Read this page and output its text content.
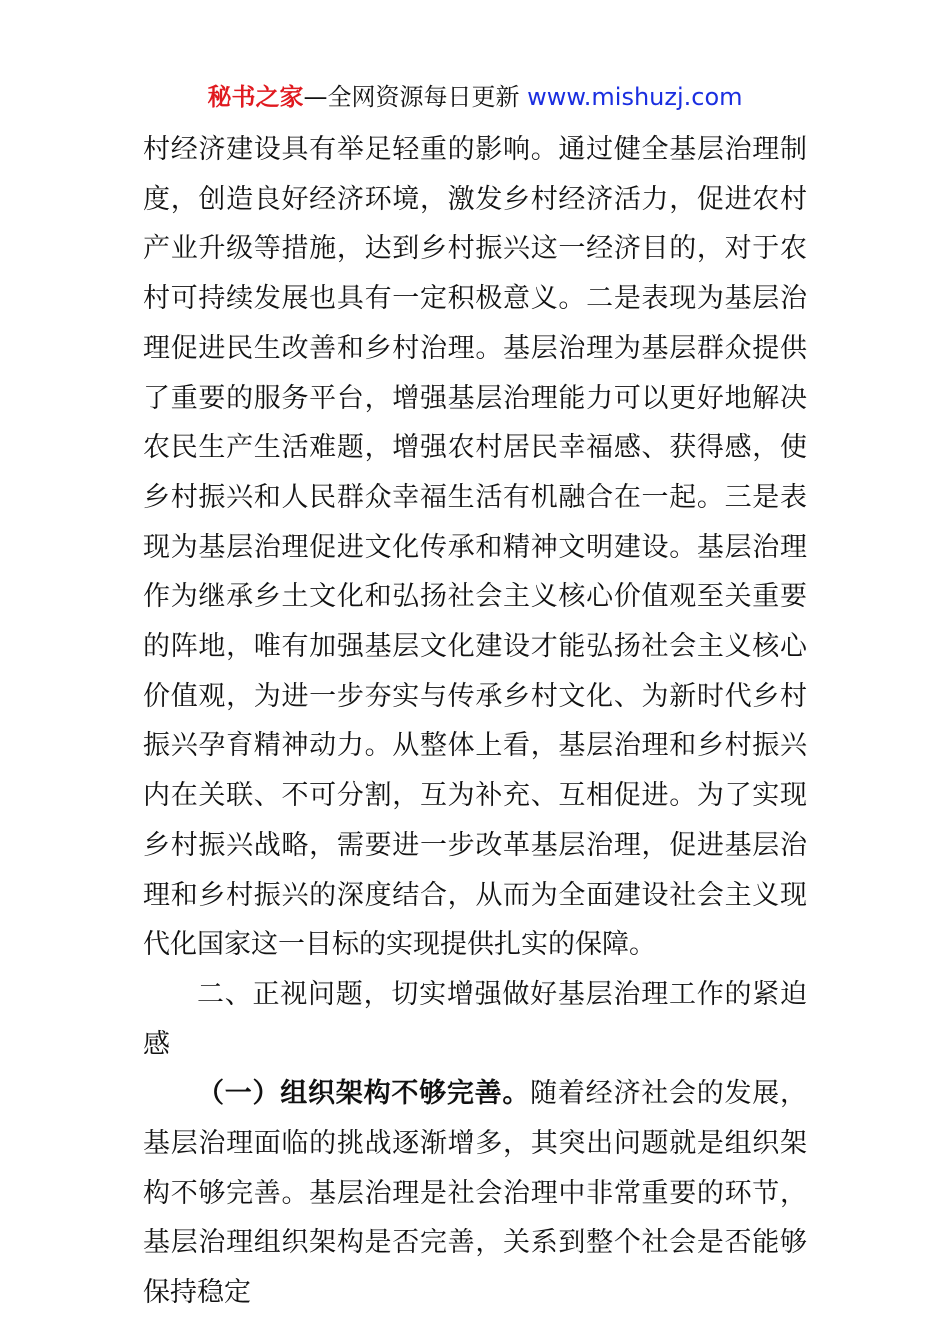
秘书之家—全网资源每日更新 www.mishuzj.com

村经济建设具有举足轻重的影响。通过健全基层治理制度，创造良好经济环境，激发乡村经济活力，促进农村产业升级等措施，达到乡村振兴这一经济目的，对于农村可持续发展也具有一定积极意义。二是表现为基层治理促进民生改善和乡村治理。基层治理为基层群众提供了重要的服务平台，增强基层治理能力可以更好地解决农民生产生活难题，增强农村居民幸福感、获得感，使乡村振兴和人民群众幸福生活有机融合在一起。三是表现为基层治理促进文化传承和精神文明建设。基层治理作为继承乡土文化和弘扬社会主义核心价值观至关重要的阵地，唯有加强基层文化建设才能弘扬社会主义核心价值观，为进一步夯实与传承乡村文化、为新时代乡村振兴孕育精神动力。从整体上看，基层治理和乡村振兴内在关联、不可分割，互为补充、互相促进。为了实现乡村振兴战略，需要进一步改革基层治理，促进基层治理和乡村振兴的深度结合，从而为全面建设社会主义现代化国家这一目标的实现提供扎实的保障。

二、正视问题，切实增强做好基层治理工作的紧迫感

（一）组织架构不够完善。随着经济社会的发展，基层治理面临的挑战逐渐增多，其突出问题就是组织架构不够完善。基层治理是社会治理中非常重要的环节，基层治理组织架构是否完善，关系到整个社会是否能够保持稳定
